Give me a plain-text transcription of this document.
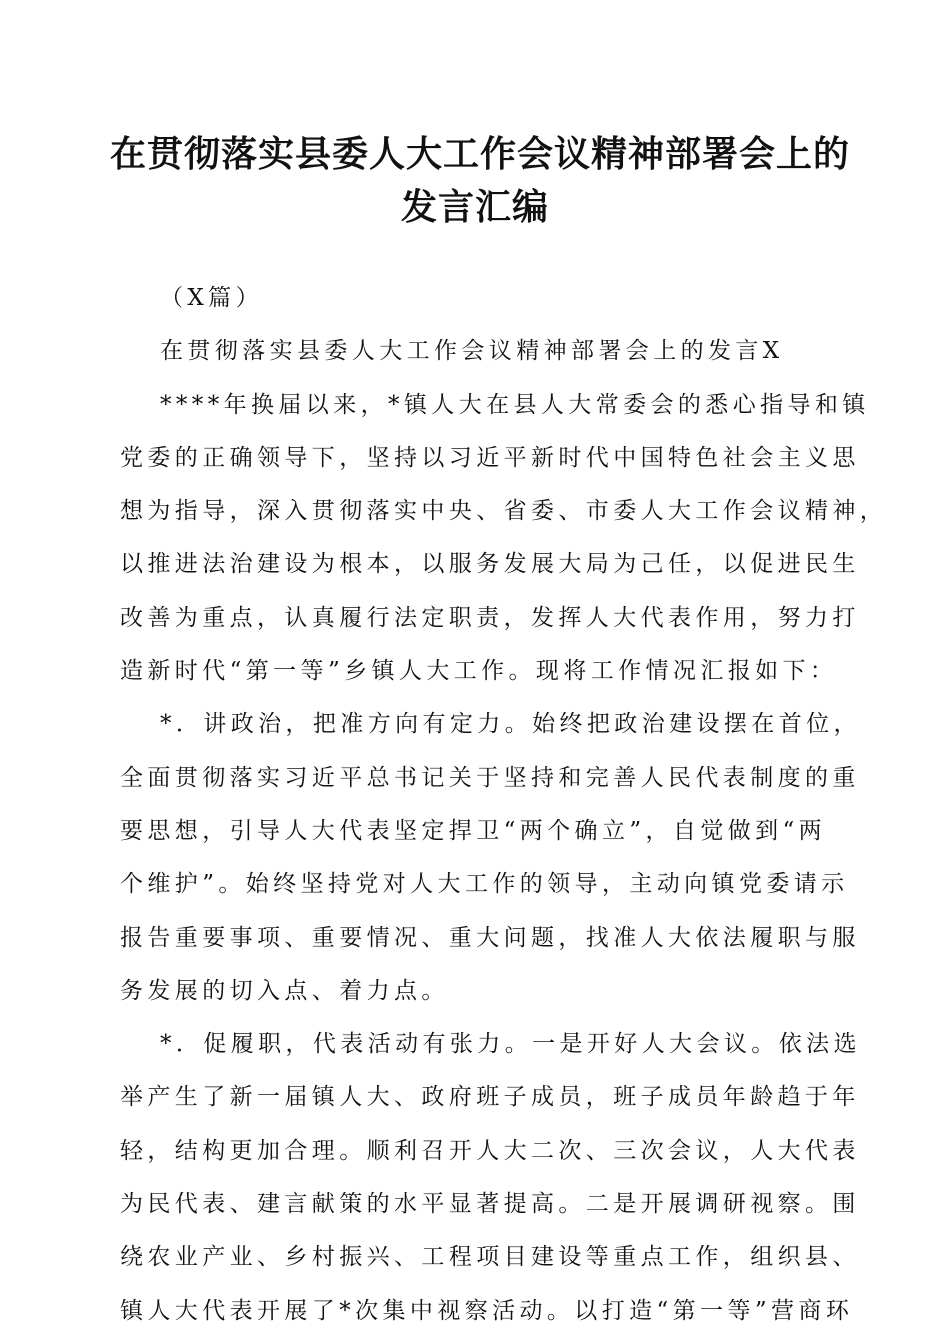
在贯彻落实县委人大工作会议精神部署会上的
发言汇编
（X篇）
在贯彻落实县委人大工作会议精神部署会上的发言X
****年换届以来，*镇人大在县人大常委会的悉心指导和镇
党委的正确领导下，坚持以习近平新时代中国特色社会主义思
想为指导，深入贯彻落实中央、省委、市委人大工作会议精神，
以推进法治建设为根本，以服务发展大局为己任，以促进民生
改善为重点，认真履行法定职责，发挥人大代表作用，努力打
造新时代“第一等”乡镇人大工作。现将工作情况汇报如下：
*．讲政治，把准方向有定力。始终把政治建设摆在首位，
全面贯彻落实习近平总书记关于坚持和完善人民代表制度的重
要思想，引导人大代表坚定捍卫“两个确立”，自觉做到“两
个维护”。始终坚持党对人大工作的领导，主动向镇党委请示
报告重要事项、重要情况、重大问题，找准人大依法履职与服
务发展的切入点、着力点。
*．促履职，代表活动有张力。一是开好人大会议。依法选
举产生了新一届镇人大、政府班子成员，班子成员年龄趋于年
轻，结构更加合理。顺利召开人大二次、三次会议，人大代表
为民代表、建言献策的水平显著提高。二是开展调研视察。围
绕农业产业、乡村振兴、工程项目建设等重点工作，组织县、
镇人大代表开展了*次集中视察活动。以打造“第一等”营商环
